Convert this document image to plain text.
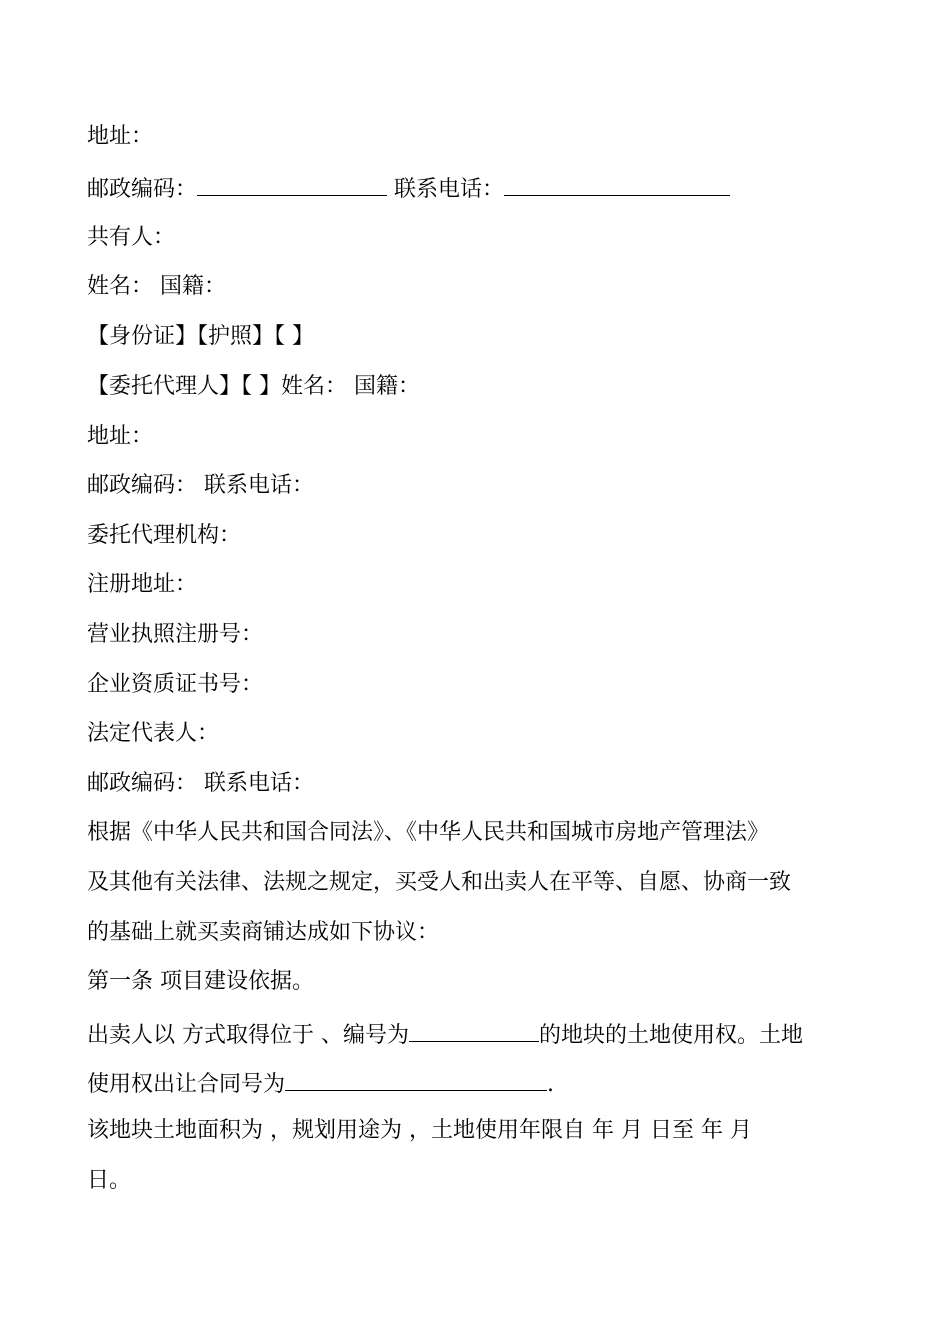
地址：
邮政编码：	联系电话：
共有人：
姓名： 国籍：
【身份证】【护照】【 】
【委托代理人】【 】姓名： 国籍：
地址：
邮政编码： 联系电话：
委托代理机构：
注册地址：
营业执照注册号：
企业资质证书号：
法定代表人：
邮政编码： 联系电话：
根据《中华人民共和国合同法》、《中华人民共和国城市房地产管理法》
及其他有关法律、法规之规定，买受人和出卖人在平等、自愿、协商一致
的基础上就买卖商铺达成如下协议：
第一条 项目建设依据。
出卖人以 方式取得位于 、编号为	的地块的土地使用权。土地
使用权出让合同号为	.
该地块土地面积为 ，规划用途为 ，土地使用年限自 年 月 日至 年 月
日。
